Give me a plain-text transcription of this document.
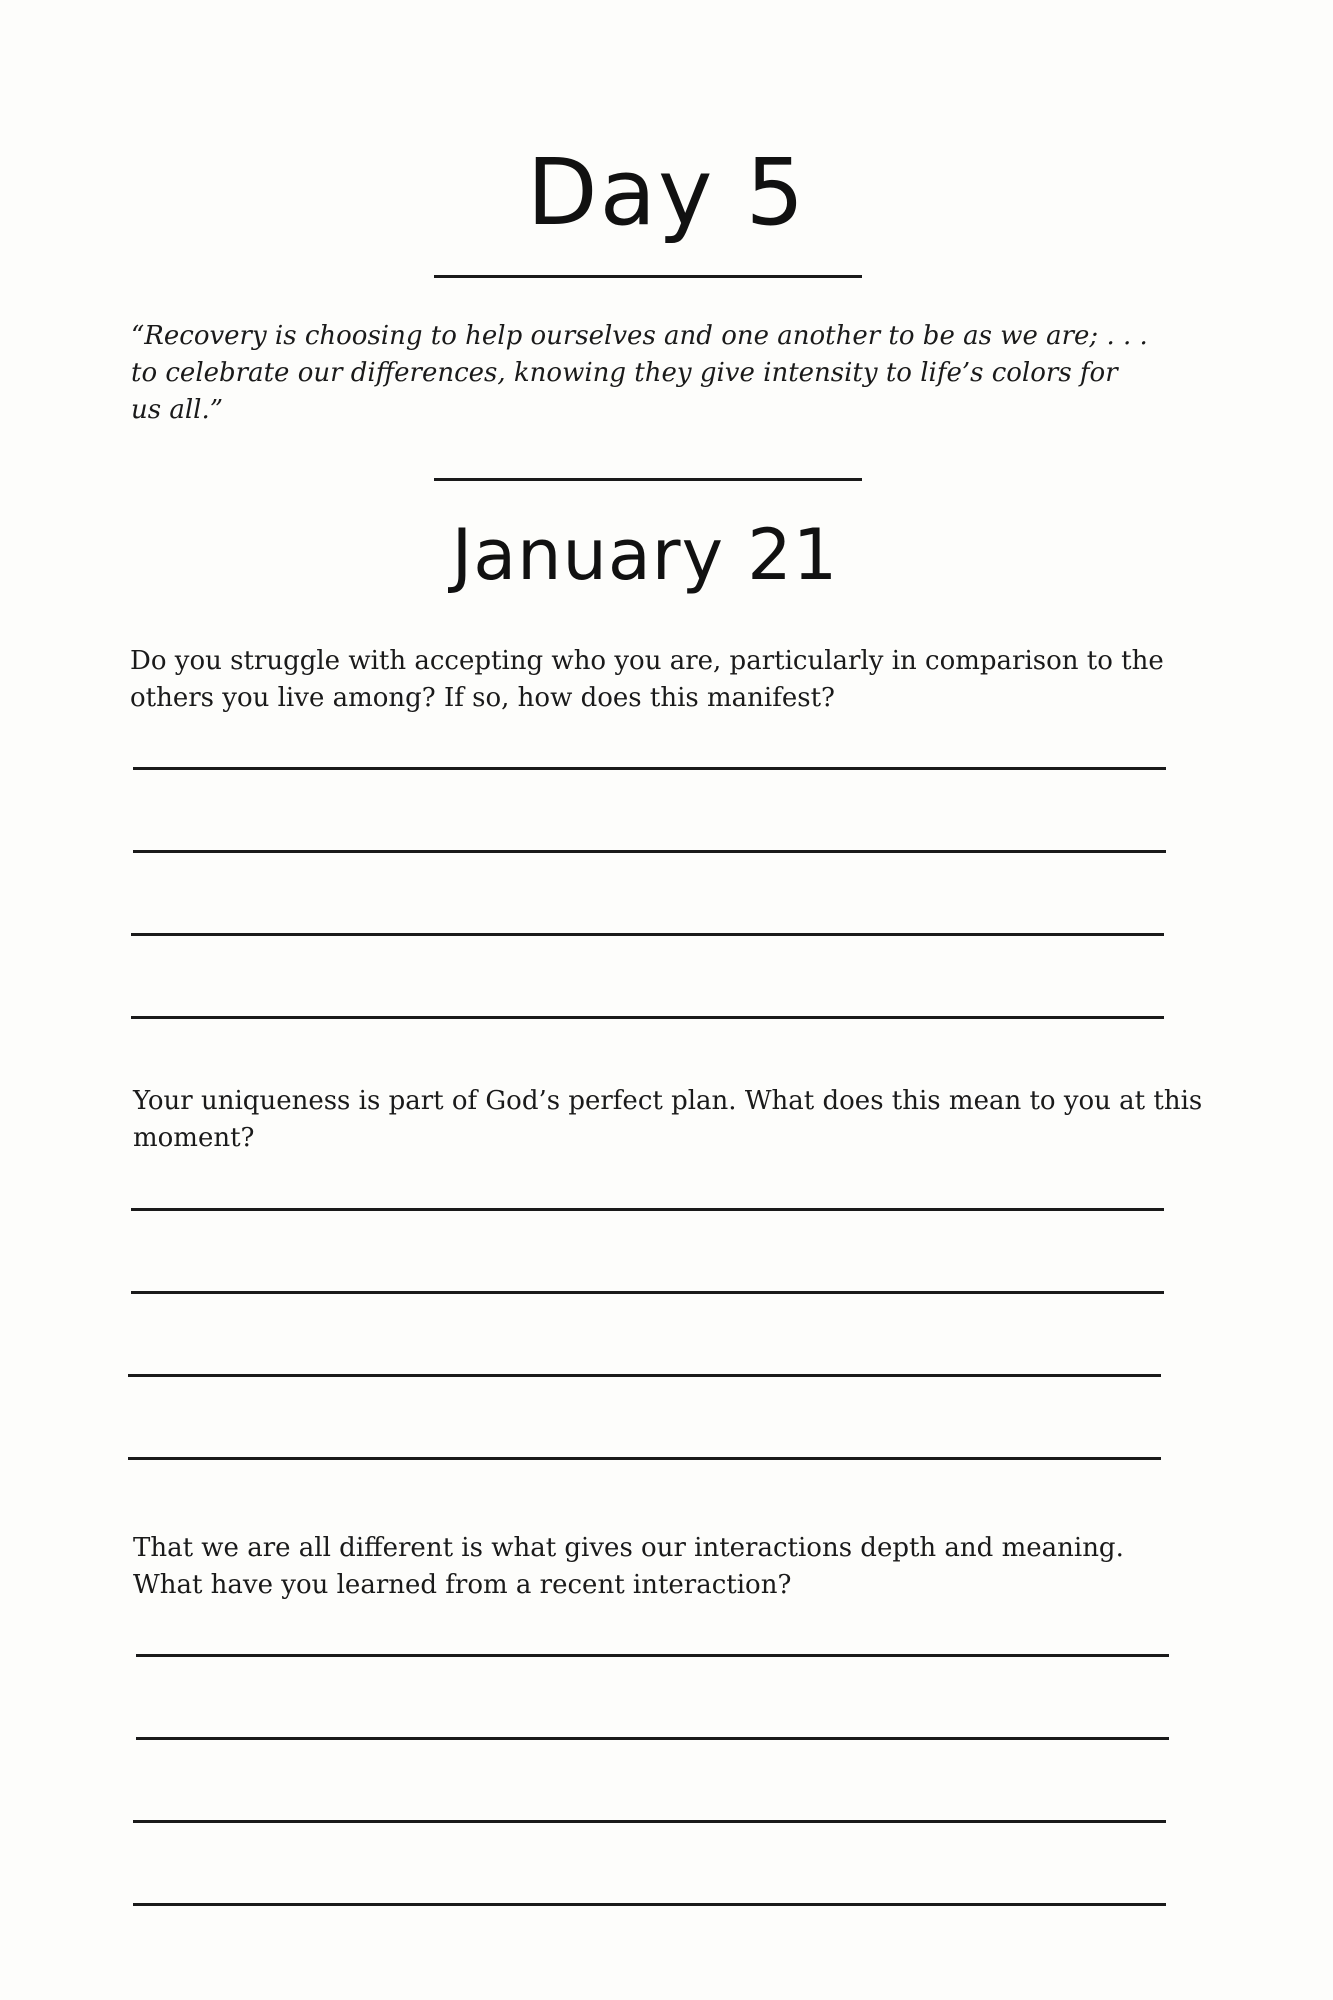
Day 5
“Recovery is choosing to help ourselves and one another to be as we are; . . .
to celebrate our differences, knowing they give intensity to life’s colors for
us all.”
January 21
Do you struggle with accepting who you are, particularly in comparison to the
others you live among? If so, how does this manifest?
Your uniqueness is part of God’s perfect plan. What does this mean to you at this
moment?
That we are all different is what gives our interactions depth and meaning.
What have you learned from a recent interaction?
